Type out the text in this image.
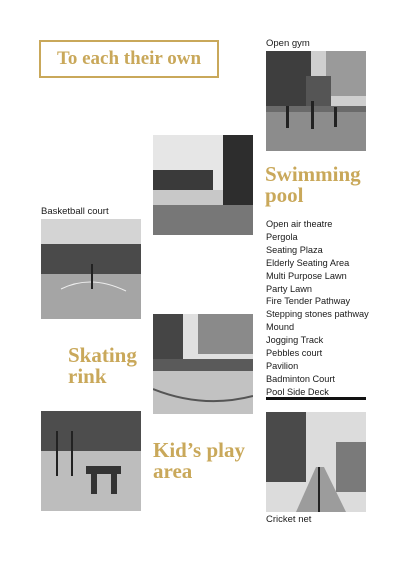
To each their own
Open gym
Swimming
pool
Basketball court
Open air theatre
Pergola
Seating Plaza
Elderly Seating Area
Multi Purpose Lawn
Party Lawn
Fire Tender Pathway
Stepping stones pathway
Mound
Jogging Track
Pebbles court
Pavilion
Badminton Court
Pool Side Deck
Skating
rink
Kid’s play
area
Cricket net
